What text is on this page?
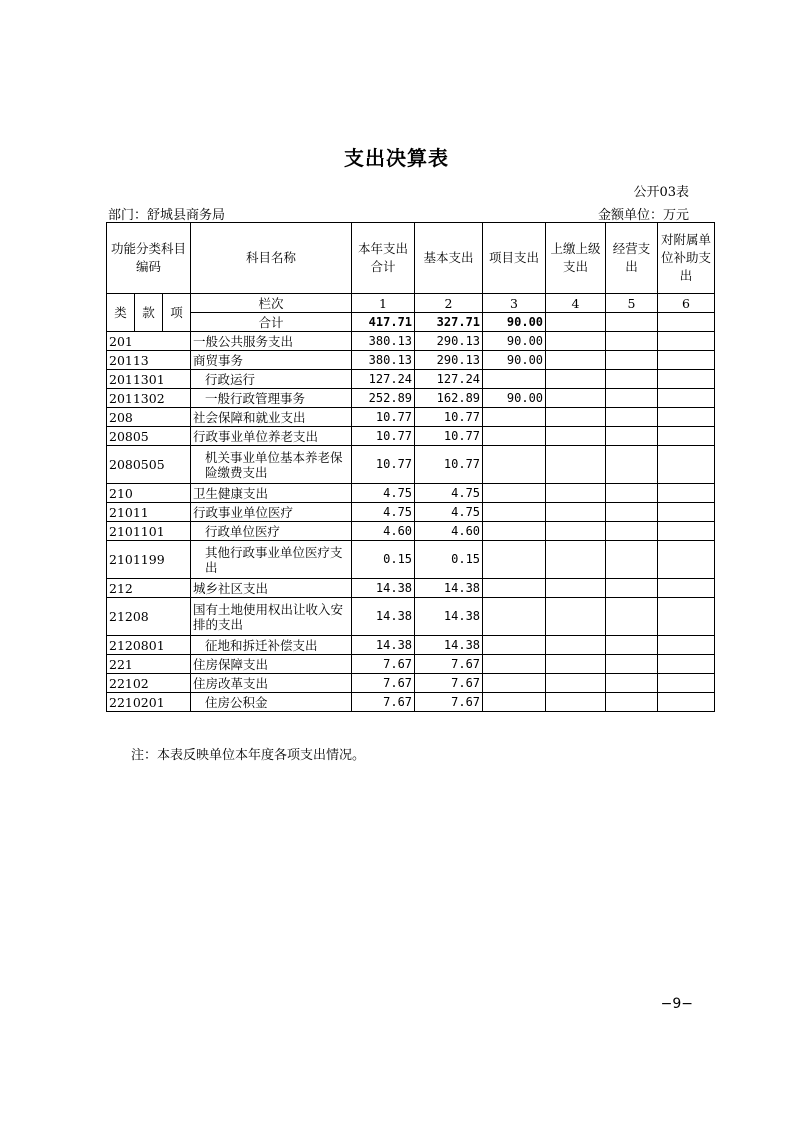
支出决算表
公开03表
部门：舒城县商务局	金额单位：万元
功能分类科目编码			科目名称	本年支出合计	基本支出	项目支出	上缴上级支出	经营支出	对附属单位补助支出
类	款	项	栏次	1	2	3	4	5	6
			合计	417.71	327.71	90.00			
201			一般公共服务支出	380.13	290.13	90.00			
20113			商贸事务	380.13	290.13	90.00			
2011301			行政运行	127.24	127.24				
2011302			一般行政管理事务	252.89	162.89	90.00			
208			社会保障和就业支出	10.77	10.77				
20805			行政事业单位养老支出	10.77	10.77				
2080505			机关事业单位基本养老保险缴费支出	10.77	10.77				
210			卫生健康支出	4.75	4.75				
21011			行政事业单位医疗	4.75	4.75				
2101101			行政单位医疗	4.60	4.60				
2101199			其他行政事业单位医疗支出	0.15	0.15				
212			城乡社区支出	14.38	14.38				
21208			国有土地使用权出让收入安排的支出	14.38	14.38				
2120801			征地和拆迁补偿支出	14.38	14.38				
221			住房保障支出	7.67	7.67				
22102			住房改革支出	7.67	7.67				
2210201			住房公积金	7.67	7.67				
注：本表反映单位本年度各项支出情况。
−9−
